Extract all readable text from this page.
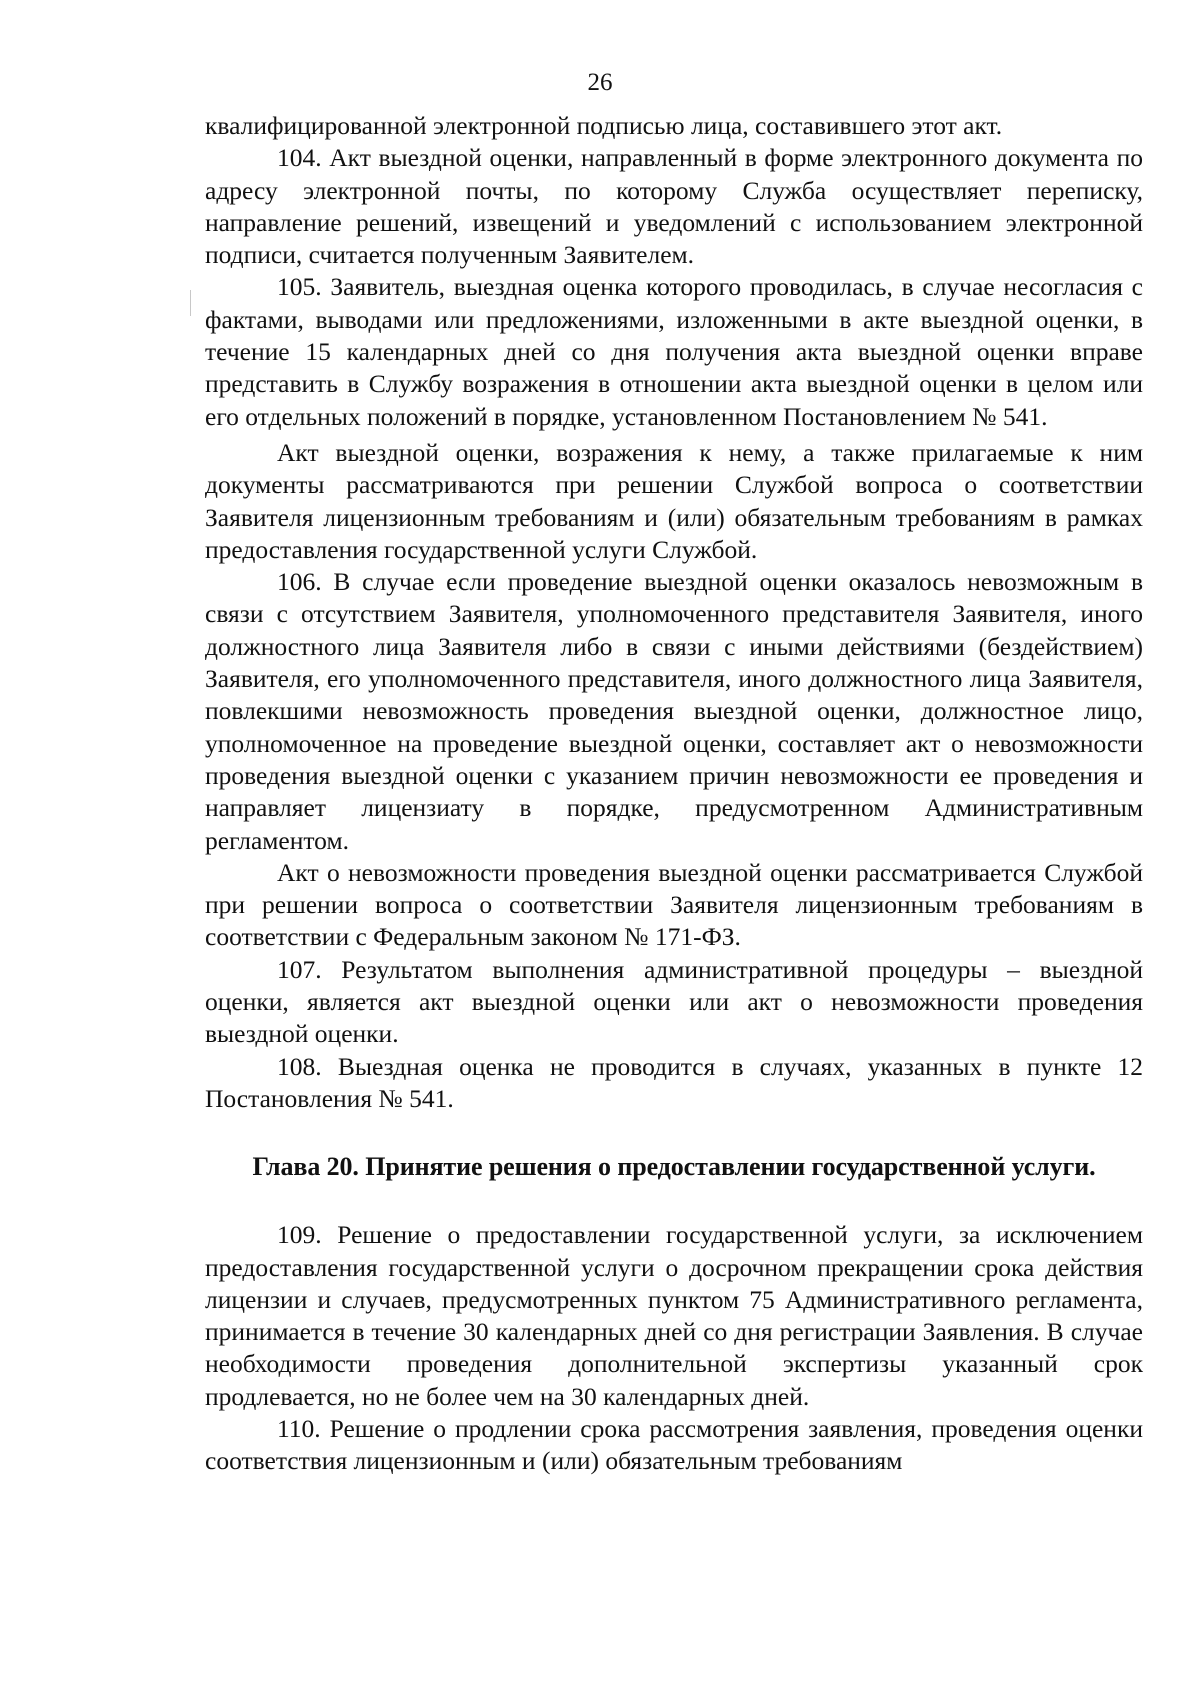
26

квалифицированной электронной подписью лица, составившего этот акт.

104. Акт выездной оценки, направленный в форме электронного документа по адресу электронной почты, по которому Служба осуществляет переписку, направление решений, извещений и уведомлений с использованием электронной подписи, считается полученным Заявителем.

105. Заявитель, выездная оценка которого проводилась, в случае несогласия с фактами, выводами или предложениями, изложенными в акте выездной оценки, в течение 15 календарных дней со дня получения акта выездной оценки вправе представить в Службу возражения в отношении акта выездной оценки в целом или его отдельных положений в порядке, установленном Постановлением № 541.

Акт выездной оценки, возражения к нему, а также прилагаемые к ним документы рассматриваются при решении Службой вопроса о соответствии Заявителя лицензионным требованиям и (или) обязательным требованиям в рамках предоставления государственной услуги Службой.

106. В случае если проведение выездной оценки оказалось невозможным в связи с отсутствием Заявителя, уполномоченного представителя Заявителя, иного должностного лица Заявителя либо в связи с иными действиями (бездействием) Заявителя, его уполномоченного представителя, иного должностного лица Заявителя, повлекшими невозможность проведения выездной оценки, должностное лицо, уполномоченное на проведение выездной оценки, составляет акт о невозможности проведения выездной оценки с указанием причин невозможности ее проведения и направляет лицензиату в порядке, предусмотренном Административным регламентом.

Акт о невозможности проведения выездной оценки рассматривается Службой при решении вопроса о соответствии Заявителя лицензионным требованиям в соответствии с Федеральным законом № 171-ФЗ.

107. Результатом выполнения административной процедуры – выездной оценки, является акт выездной оценки или акт о невозможности проведения выездной оценки.

108. Выездная оценка не проводится в случаях, указанных в пункте 12 Постановления № 541.

Глава 20. Принятие решения о предоставлении государственной услуги.

109. Решение о предоставлении государственной услуги, за исключением предоставления государственной услуги о досрочном прекращении срока действия лицензии и случаев, предусмотренных пунктом 75 Административного регламента, принимается в течение 30 календарных дней со дня регистрации Заявления. В случае необходимости проведения дополнительной экспертизы указанный срок продлевается, но не более чем на 30 календарных дней.

110. Решение о продлении срока рассмотрения заявления, проведения оценки соответствия лицензионным и (или) обязательным требованиям
